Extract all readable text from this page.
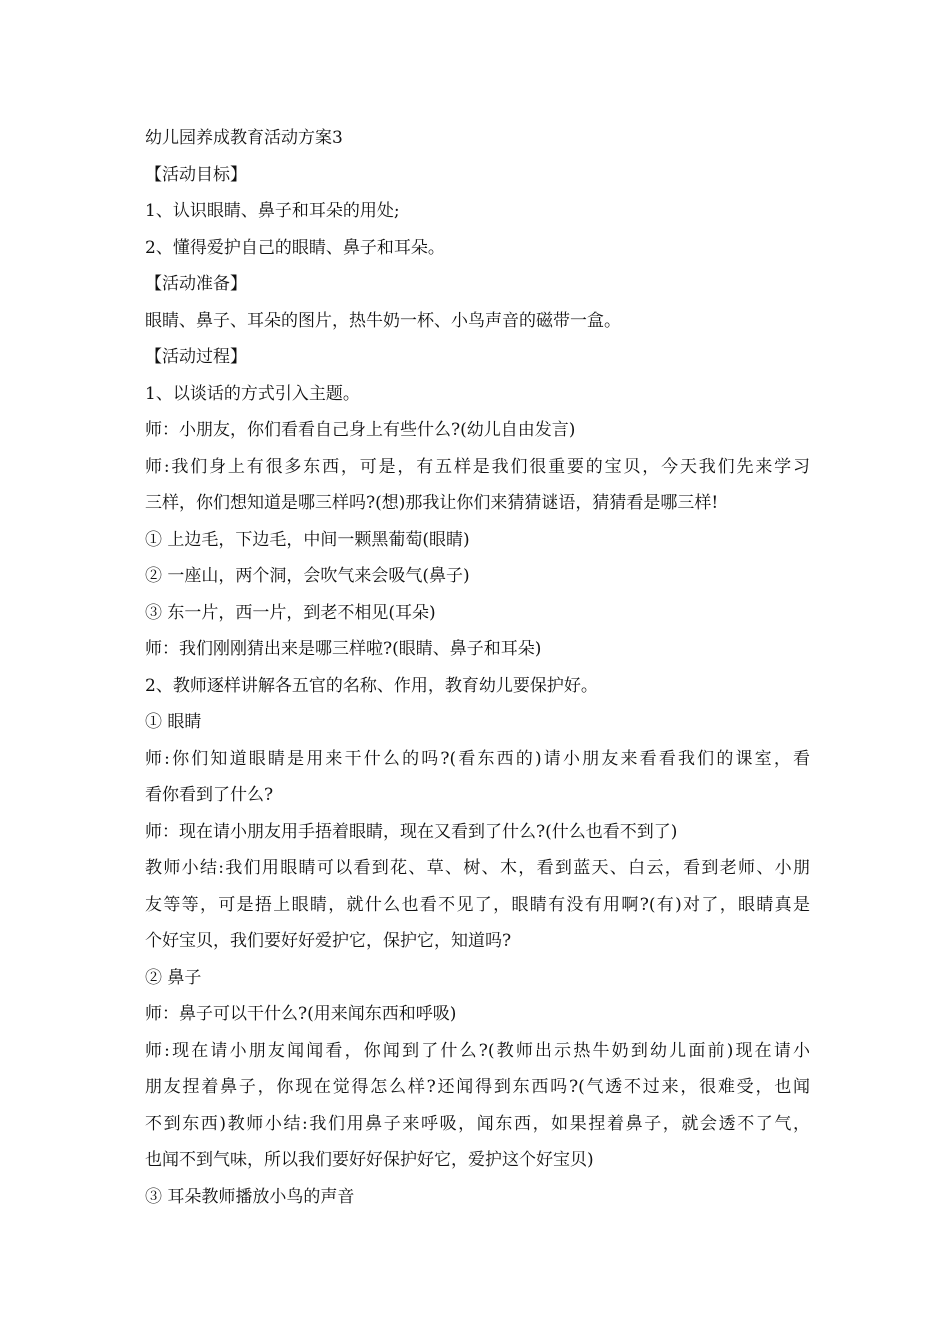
幼儿园养成教育活动方案3
【活动目标】
1、认识眼睛、鼻子和耳朵的用处;
2、懂得爱护自己的眼睛、鼻子和耳朵。
【活动准备】
眼睛、鼻子、耳朵的图片，热牛奶一杯、小鸟声音的磁带一盒。
【活动过程】
1、以谈话的方式引入主题。
师：小朋友，你们看看自己身上有些什么?(幼儿自由发言)
师:我们身上有很多东西，可是，有五样是我们很重要的宝贝，今天我们先来学习
三样，你们想知道是哪三样吗?(想)那我让你们来猜猜谜语，猜猜看是哪三样!
① 上边毛，下边毛，中间一颗黑葡萄(眼睛)
② 一座山，两个洞，会吹气来会吸气(鼻子)
③ 东一片，西一片，到老不相见(耳朵)
师：我们刚刚猜出来是哪三样啦?(眼睛、鼻子和耳朵)
2、教师逐样讲解各五官的名称、作用，教育幼儿要保护好。
① 眼睛
师:你们知道眼睛是用来干什么的吗?(看东西的)请小朋友来看看我们的课室，看
看你看到了什么?
师：现在请小朋友用手捂着眼睛，现在又看到了什么?(什么也看不到了)
教师小结:我们用眼睛可以看到花、草、树、木，看到蓝天、白云，看到老师、小朋
友等等，可是捂上眼睛，就什么也看不见了，眼睛有没有用啊?(有)对了，眼睛真是
个好宝贝，我们要好好爱护它，保护它，知道吗?
② 鼻子
师：鼻子可以干什么?(用来闻东西和呼吸)
师:现在请小朋友闻闻看，你闻到了什么?(教师出示热牛奶到幼儿面前)现在请小
朋友捏着鼻子，你现在觉得怎么样?还闻得到东西吗?(气透不过来，很难受，也闻
不到东西)教师小结:我们用鼻子来呼吸，闻东西，如果捏着鼻子，就会透不了气，
也闻不到气味，所以我们要好好保护好它，爱护这个好宝贝)
③ 耳朵教师播放小鸟的声音
